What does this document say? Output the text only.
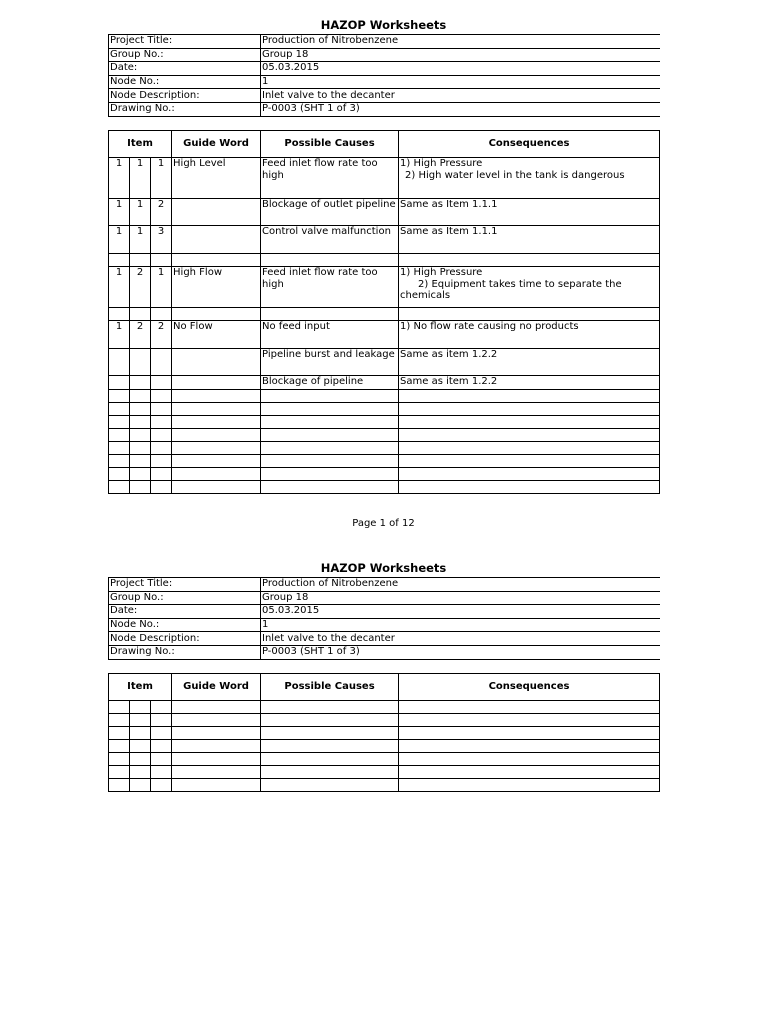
HAZOP Worksheets
Project Title:	Production of Nitrobenzene
Group No.:	Group 18
Date:	05.03.2015
Node No.:	1
Node Description:	Inlet valve to the decanter
Drawing No.:	P-0003 (SHT 1 of 3)
Item			Guide Word	Possible Causes	Consequences
1	1	1	High Level	Feed inlet flow rate too high	1) High Pressure
2) High water level in the tank is dangerous

1	1	2		Blockage of outlet pipeline	Same as Item 1.1.1
1	1	3		Control valve malfunction	Same as Item 1.1.1

1	2	1	High Flow	Feed inlet flow rate too high	1) High Pressure
2) Equipment takes time to separate the chemicals

1	2	2	No Flow	No feed input	1) No flow rate causing no products
				Pipeline burst and leakage	Same as item 1.2.2
				Blockage of pipeline	Same as item 1.2.2

Page 1 of 12
HAZOP Worksheets
Project Title:	Production of Nitrobenzene
Group No.:	Group 18
Date:	05.03.2015
Node No.:	1
Node Description:	Inlet valve to the decanter
Drawing No.:	P-0003 (SHT 1 of 3)
Item			Guide Word	Possible Causes	Consequences
